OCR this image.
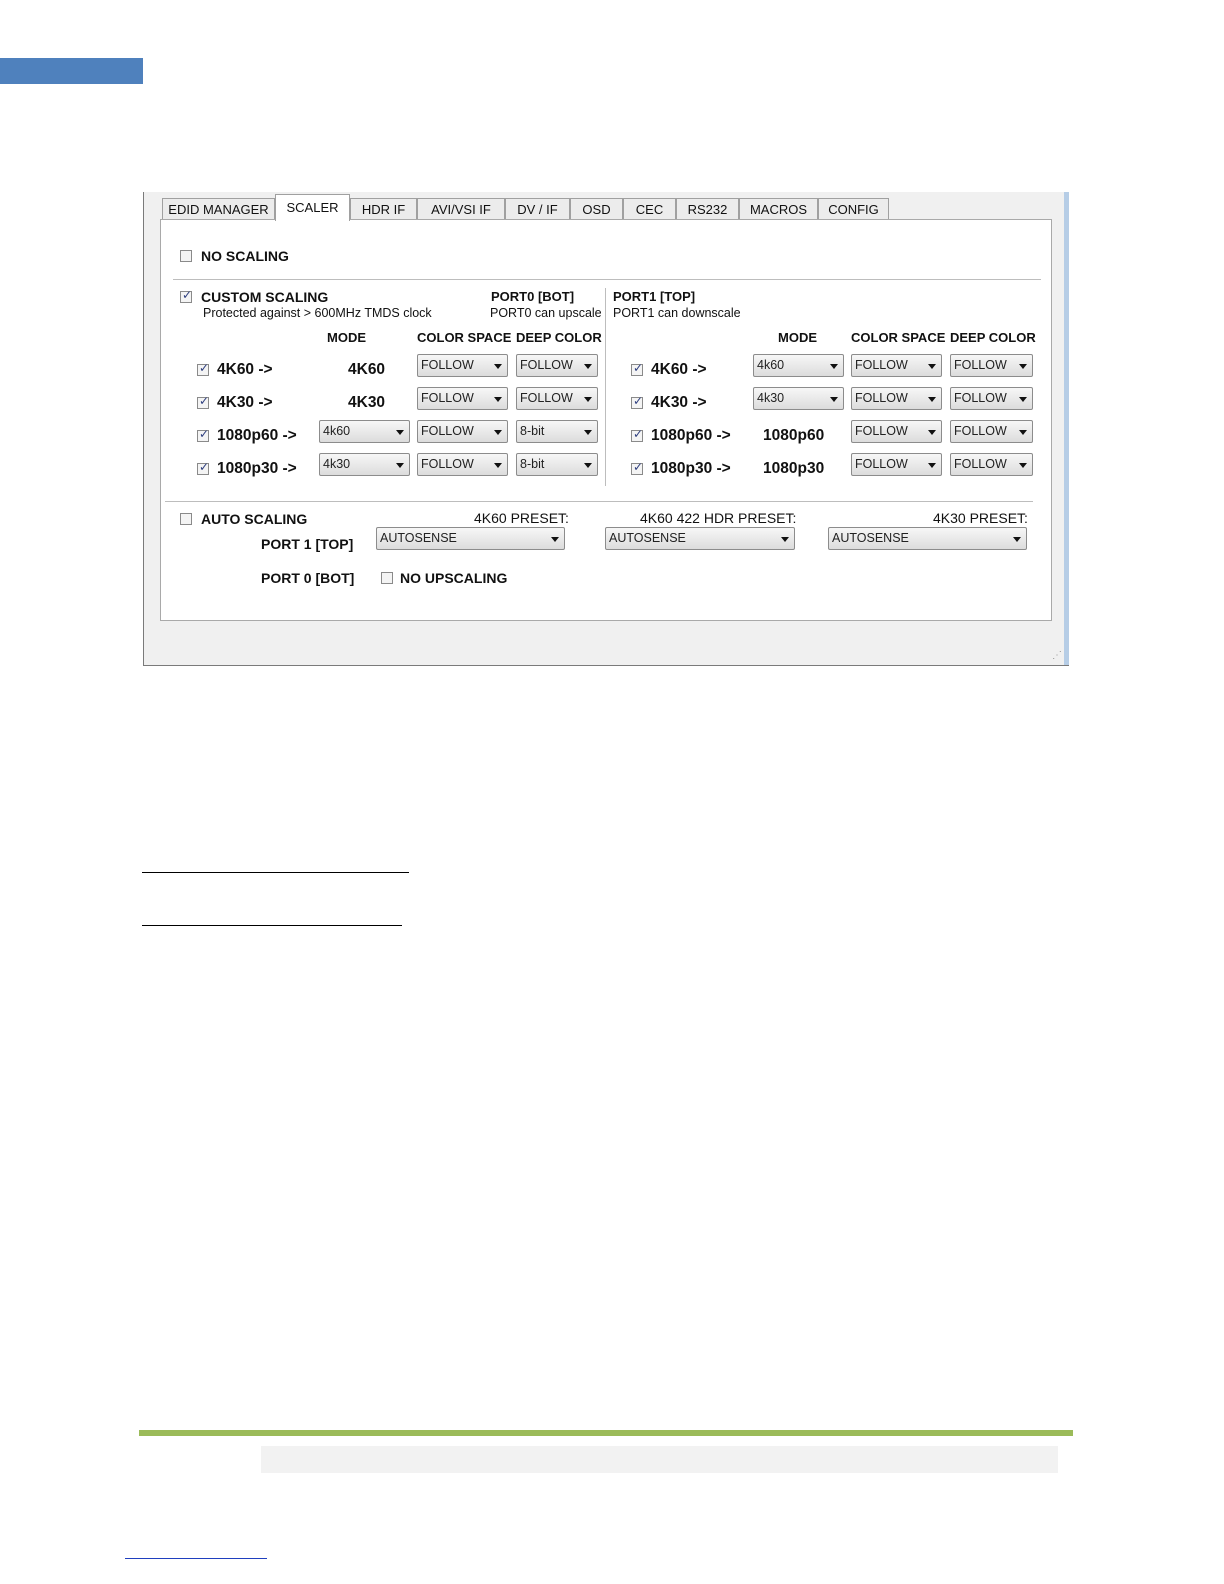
EDID MANAGER	SCALER	HDR IF	AVI/VSI IF	DV / IF	OSD	CEC	RS232	MACROS	CONFIG
NO SCALING
✓
CUSTOM SCALING
Protected against > 600MHz TMDS clock
PORT0 [BOT]
PORT0 can upscale
PORT1 [TOP]
PORT1 can downscale
MODE	COLOR SPACE DEEP COLOR
✓
4K60 ->	4K60	FOLLOW	FOLLOW
✓
4K30 ->	4K30	FOLLOW	FOLLOW
✓
1080p60 ->	4k60	FOLLOW	8-bit
✓
1080p30 ->	4k30	FOLLOW	8-bit
MODE	COLOR SPACE DEEP COLOR
✓
4K60 ->	4k60	FOLLOW	FOLLOW
✓
4K30 ->	4k30	FOLLOW	FOLLOW
✓
1080p60 -> 1080p60	FOLLOW	FOLLOW
✓
1080p30 -> 1080p30	FOLLOW	FOLLOW
AUTO SCALING	4K60 PRESET:	4K60 422 HDR PRESET:	4K30 PRESET:
PORT 1 [TOP]	AUTOSENSE	AUTOSENSE	AUTOSENSE
PORT 0 [BOT]	NO UPSCALING
⋰
